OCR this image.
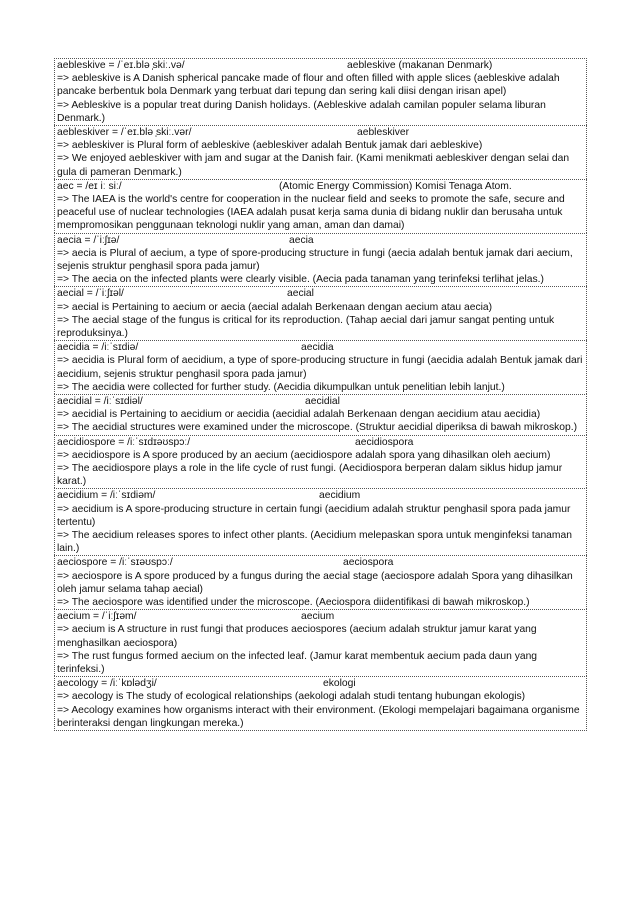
aebleskive = /ˈeɪ.blə ̩skiː.və/	aebleskive (makanan Denmark)

=> aebleskive is A Danish spherical pancake made of flour and often filled with apple slices (aebleskive adalah pancake berbentuk bola Denmark yang terbuat dari tepung dan sering kali diisi dengan irisan apel)

=> Aebleskive is a popular treat during Danish holidays. (Aebleskive adalah camilan populer selama liburan Denmark.)

aebleskiver = /ˈeɪ.blə ̩skiː.vər/	aebleskiver

=> aebleskiver is Plural form of aebleskive (aebleskiver adalah Bentuk jamak dari aebleskive)

=> We enjoyed aebleskiver with jam and sugar at the Danish fair. (Kami menikmati aebleskiver dengan selai dan gula di pameran Denmark.)

aec = /eɪ iː siː/	(Atomic Energy Commission) Komisi Tenaga Atom.

=> The IAEA is the world's centre for cooperation in the nuclear field and seeks to promote the safe, secure and peaceful use of nuclear technologies (IAEA adalah pusat kerja sama dunia di bidang nuklir dan berusaha untuk mempromosikan penggunaan teknologi nuklir yang aman, aman dan damai)

aecia = /ˈiːʃɪə/	aecia

=> aecia is Plural of aecium, a type of spore-producing structure in fungi (aecia adalah bentuk jamak dari aecium, sejenis struktur penghasil spora pada jamur)

=> The aecia on the infected plants were clearly visible. (Aecia pada tanaman yang terinfeksi terlihat jelas.)

aecial = /ˈiːʃɪəl/	aecial

=> aecial is Pertaining to aecium or aecia (aecial adalah Berkenaan dengan aecium atau aecia)

=> The aecial stage of the fungus is critical for its reproduction. (Tahap aecial dari jamur sangat penting untuk reproduksinya.)

aecidia = /iːˈsɪdiə/	aecidia

=> aecidia is Plural form of aecidium, a type of spore-producing structure in fungi (aecidia adalah Bentuk jamak dari aecidium, sejenis struktur penghasil spora pada jamur)

=> The aecidia were collected for further study. (Aecidia dikumpulkan untuk penelitian lebih lanjut.)

aecidial = /iːˈsɪdiəl/	aecidial

=> aecidial is Pertaining to aecidium or aecidia (aecidial adalah Berkenaan dengan aecidium atau aecidia)

=> The aecidial structures were examined under the microscope. (Struktur aecidial diperiksa di bawah mikroskop.)

aecidiospore = /iːˈsɪdɪəʊspɔː/	aecidiospora

=> aecidiospore is A spore produced by an aecium (aecidiospore adalah spora yang dihasilkan oleh aecium)

=> The aecidiospore plays a role in the life cycle of rust fungi. (Aecidiospora berperan dalam siklus hidup jamur karat.)

aecidium = /iːˈsɪdiəm/	aecidium

=> aecidium is A spore-producing structure in certain fungi (aecidium adalah struktur penghasil spora pada jamur tertentu)

=> The aecidium releases spores to infect other plants. (Aecidium melepaskan spora untuk menginfeksi tanaman lain.)

aeciospore = /iːˈsɪəʊspɔː/	aeciospora

=> aeciospore is A spore produced by a fungus during the aecial stage (aeciospore adalah Spora yang dihasilkan oleh jamur selama tahap aecial)

=> The aeciospore was identified under the microscope. (Aeciospora diidentifikasi di bawah mikroskop.)

aecium = /ˈiːʃɪəm/	aecium

=> aecium is A structure in rust fungi that produces aeciospores (aecium adalah struktur jamur karat yang menghasilkan aeciospora)

=> The rust fungus formed aecium on the infected leaf. (Jamur karat membentuk aecium pada daun yang terinfeksi.)

aecology = /iːˈkɒlədʒi/	ekologi

=> aecology is The study of ecological relationships (aekologi adalah studi tentang hubungan ekologis)

=> Aecology examines how organisms interact with their environment. (Ekologi mempelajari bagaimana organisme berinteraksi dengan lingkungan mereka.)
